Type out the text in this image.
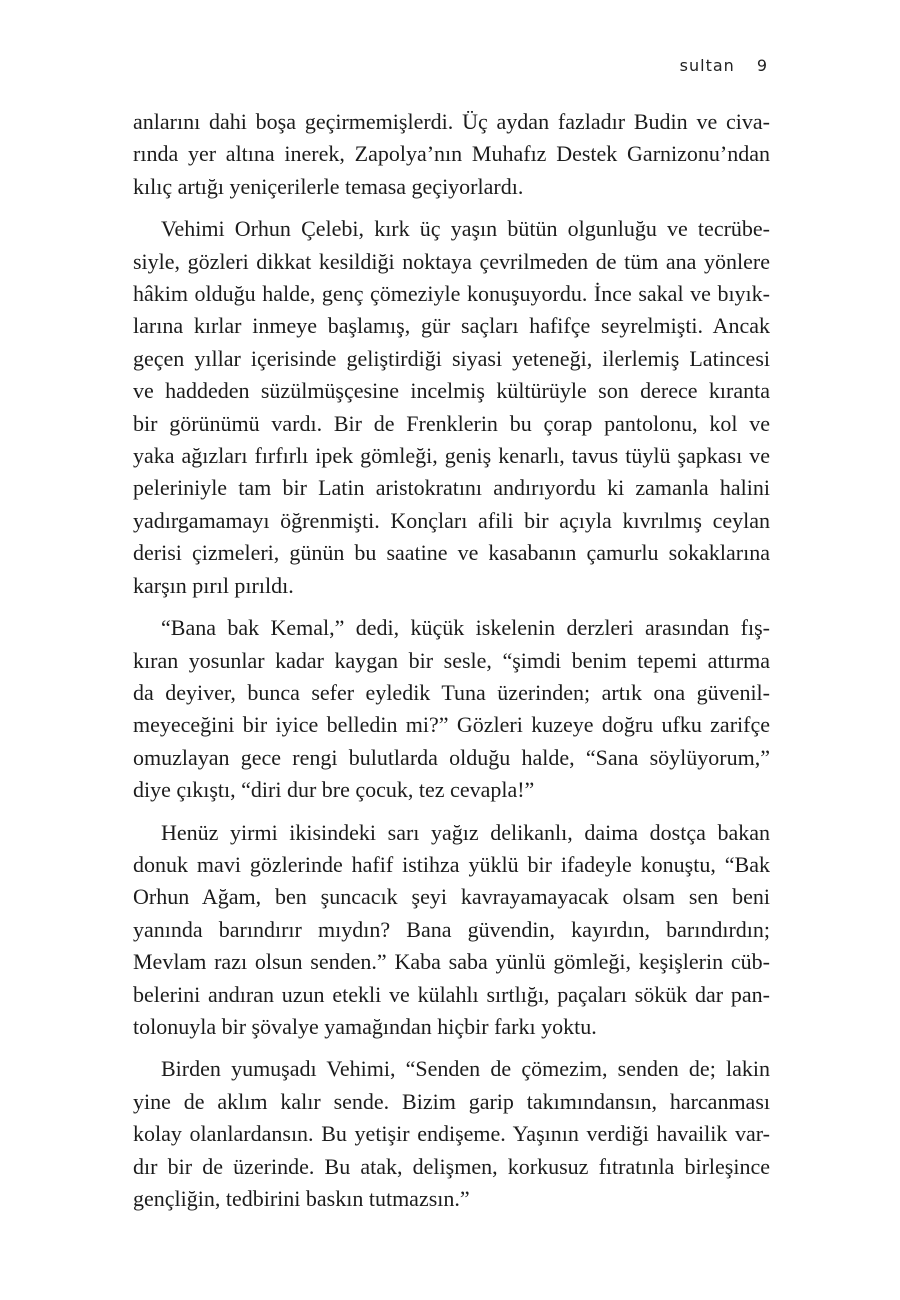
sultan 9

anlarını dahi boşa geçirmemişlerdi. Üç aydan fazladır Budin ve civa-
rında yer altına inerek, Zapolya’nın Muhafız Destek Garnizonu’ndan
kılıç artığı yeniçerilerle temasa geçiyorlardı.

Vehimi Orhun Çelebi, kırk üç yaşın bütün olgunluğu ve tecrübe-
siyle, gözleri dikkat kesildiği noktaya çevrilmeden de tüm ana yönlere
hâkim olduğu halde, genç çömeziyle konuşuyordu. İnce sakal ve bıyık-
larına kırlar inmeye başlamış, gür saçları hafifçe seyrelmişti. Ancak
geçen yıllar içerisinde geliştirdiği siyasi yeteneği, ilerlemiş Latincesi
ve haddeden süzülmüşçesine incelmiş kültürüyle son derece kıranta
bir görünümü vardı. Bir de Frenklerin bu çorap pantolonu, kol ve
yaka ağızları fırfırlı ipek gömleği, geniş kenarlı, tavus tüylü şapkası ve
peleriniyle tam bir Latin aristokratını andırıyordu ki zamanla halini
yadırgamamayı öğrenmişti. Konçları afili bir açıyla kıvrılmış ceylan
derisi çizmeleri, günün bu saatine ve kasabanın çamurlu sokaklarına
karşın pırıl pırıldı.

“Bana bak Kemal,” dedi, küçük iskelenin derzleri arasından fış-
kıran yosunlar kadar kaygan bir sesle, “şimdi benim tepemi attırma
da deyiver, bunca sefer eyledik Tuna üzerinden; artık ona güvenil-
meyeceğini bir iyice belledin mi?” Gözleri kuzeye doğru ufku zarifçe
omuzlayan gece rengi bulutlarda olduğu halde, “Sana söylüyorum,”
diye çıkıştı, “diri dur bre çocuk, tez cevapla!”

Henüz yirmi ikisindeki sarı yağız delikanlı, daima dostça bakan
donuk mavi gözlerinde hafif istihza yüklü bir ifadeyle konuştu, “Bak
Orhun Ağam, ben şuncacık şeyi kavrayamayacak olsam sen beni
yanında barındırır mıydın? Bana güvendin, kayırdın, barındırdın;
Mevlam razı olsun senden.” Kaba saba yünlü gömleği, keşişlerin cüb-
belerini andıran uzun etekli ve külahlı sırtlığı, paçaları sökük dar pan-
tolonuyla bir şövalye yamağından hiçbir farkı yoktu.

Birden yumuşadı Vehimi, “Senden de çömezim, senden de; lakin
yine de aklım kalır sende. Bizim garip takımındansın, harcanması
kolay olanlardansın. Bu yetişir endişeme. Yaşının verdiği havailik var-
dır bir de üzerinde. Bu atak, delişmen, korkusuz fıtratınla birleşince
gençliğin, tedbirini baskın tutmazsın.”
